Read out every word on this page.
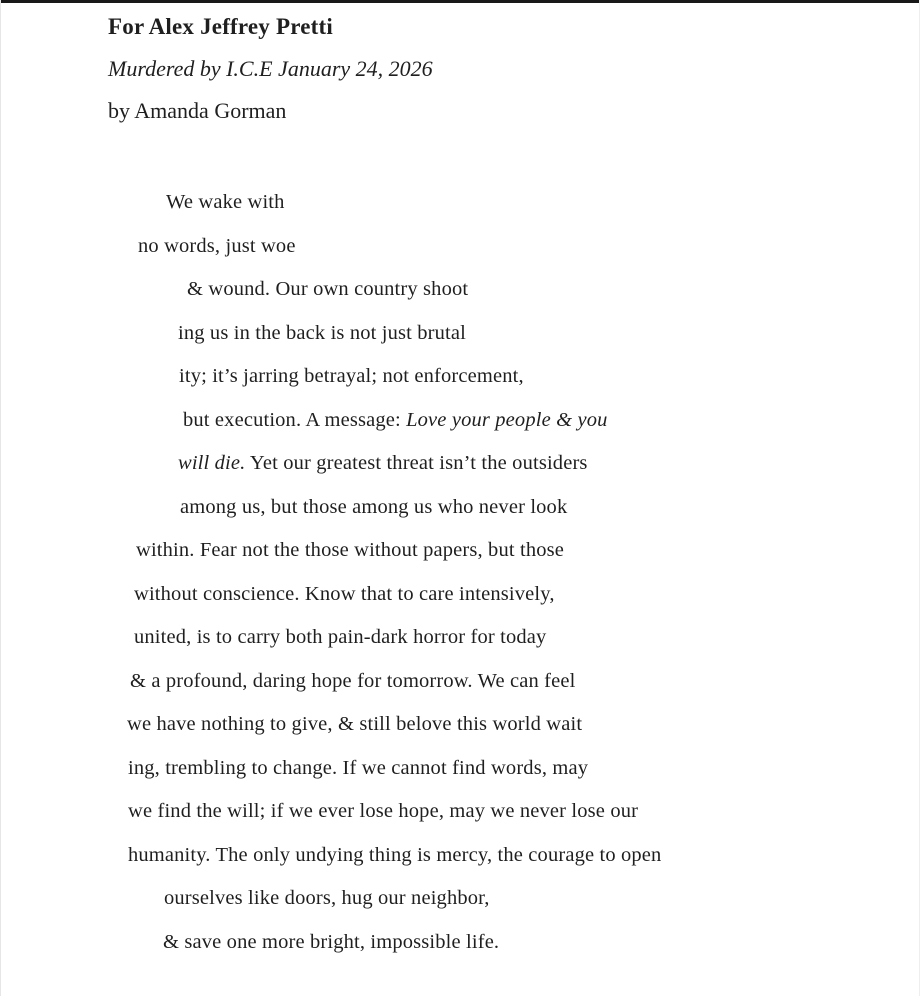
For Alex Jeffrey Pretti

Murdered by I.C.E January 24, 2026

by Amanda Gorman

We wake with
no words, just woe
& wound. Our own country shoot
ing us in the back is not just brutal
ity; it’s jarring betrayal; not enforcement,
but execution. A message: Love your people & you
will die. Yet our greatest threat isn’t the outsiders
among us, but those among us who never look
within. Fear not the those without papers, but those
without conscience. Know that to care intensively,
united, is to carry both pain-dark horror for today
& a profound, daring hope for tomorrow. We can feel
we have nothing to give, & still belove this world wait
ing, trembling to change. If we cannot find words, may
we find the will; if we ever lose hope, may we never lose our
humanity. The only undying thing is mercy, the courage to open
ourselves like doors, hug our neighbor,
& save one more bright, impossible life.
